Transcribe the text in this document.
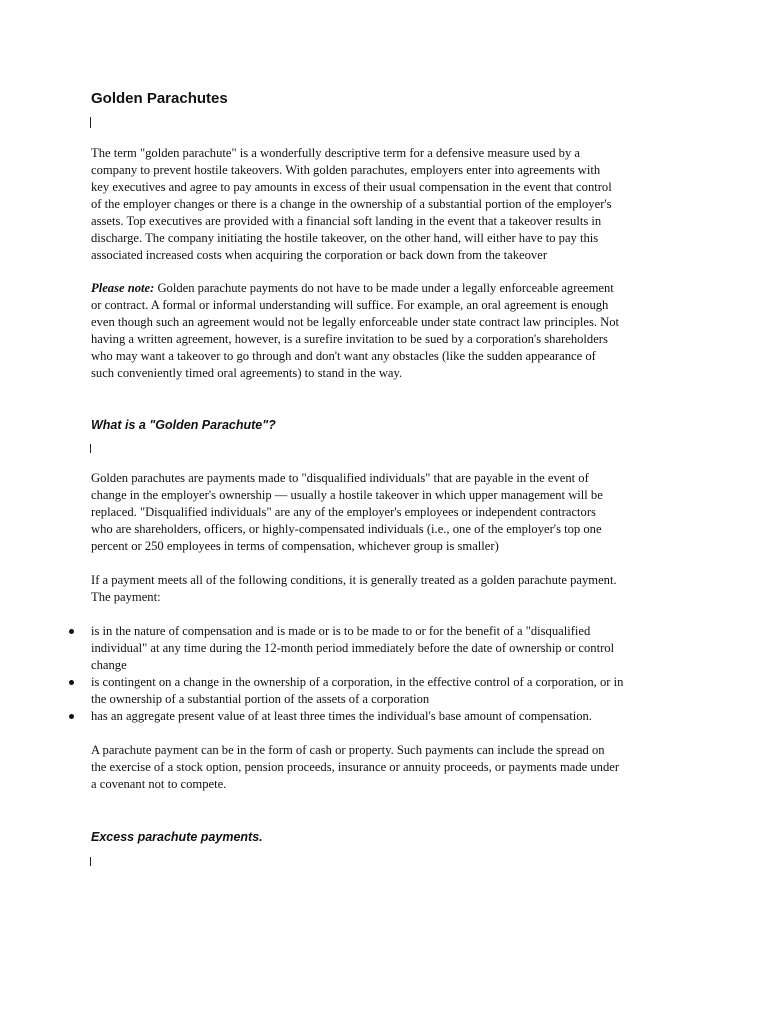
Golden Parachutes

The term "golden parachute" is a wonderfully descriptive term for a defensive measure used by a
company to prevent hostile takeovers. With golden parachutes, employers enter into agreements with
key executives and agree to pay amounts in excess of their usual compensation in the event that control
of the employer changes or there is a change in the ownership of a substantial portion of the employer's
assets. Top executives are provided with a financial soft landing in the event that a takeover results in
discharge. The company initiating the hostile takeover, on the other hand, will either have to pay this
associated increased costs when acquiring the corporation or back down from the takeover

Please note: Golden parachute payments do not have to be made under a legally enforceable agreement
or contract. A formal or informal understanding will suffice. For example, an oral agreement is enough
even though such an agreement would not be legally enforceable under state contract law principles. Not
having a written agreement, however, is a surefire invitation to be sued by a corporation's shareholders
who may want a takeover to go through and don't want any obstacles (like the sudden appearance of
such conveniently timed oral agreements) to stand in the way.

What is a "Golden Parachute"?

Golden parachutes are payments made to "disqualified individuals" that are payable in the event of
change in the employer's ownership — usually a hostile takeover in which upper management will be
replaced. "Disqualified individuals" are any of the employer's employees or independent contractors
who are shareholders, officers, or highly-compensated individuals (i.e., one of the employer's top one
percent or 250 employees in terms of compensation, whichever group is smaller)

If a payment meets all of the following conditions, it is generally treated as a golden parachute payment.
The payment:

is in the nature of compensation and is made or is to be made to or for the benefit of a "disqualified
individual" at any time during the 12-month period immediately before the date of ownership or control
change
is contingent on a change in the ownership of a corporation, in the effective control of a corporation, or in
the ownership of a substantial portion of the assets of a corporation
has an aggregate present value of at least three times the individual's base amount of compensation.

A parachute payment can be in the form of cash or property. Such payments can include the spread on
the exercise of a stock option, pension proceeds, insurance or annuity proceeds, or payments made under
a covenant not to compete.

Excess parachute payments.
